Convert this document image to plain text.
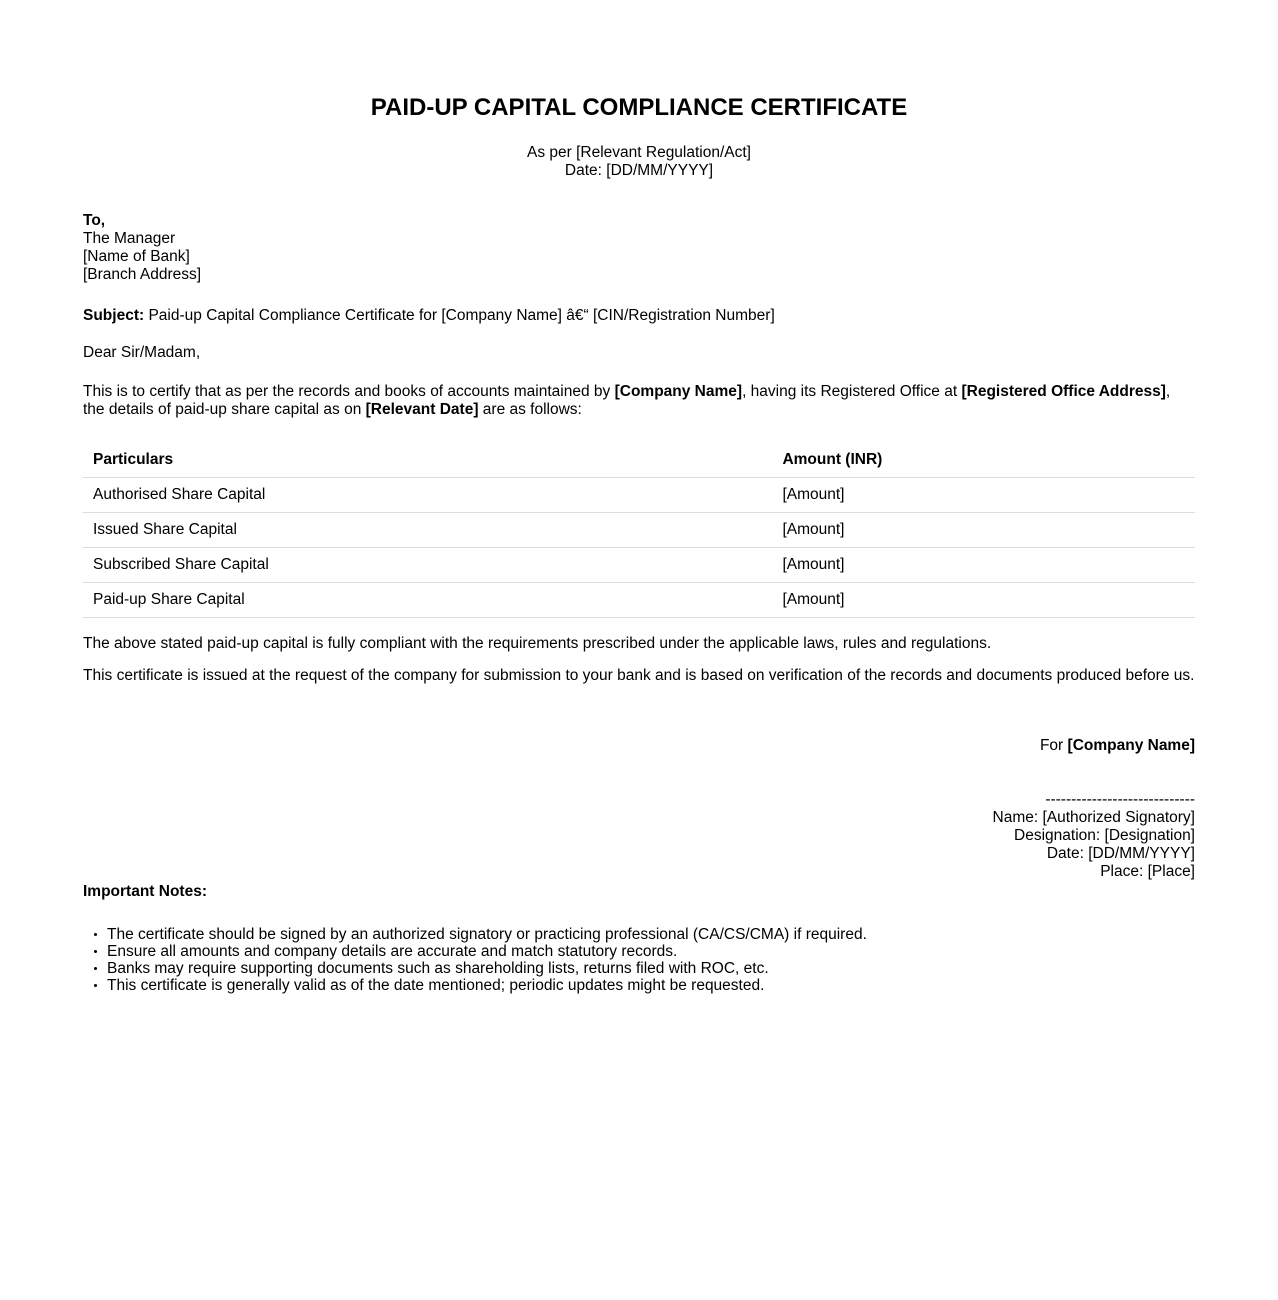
PAID-UP CAPITAL COMPLIANCE CERTIFICATE
As per [Relevant Regulation/Act]
Date: [DD/MM/YYYY]
To,
The Manager
[Name of Bank]
[Branch Address]
Subject: Paid-up Capital Compliance Certificate for [Company Name] â€“ [CIN/Registration Number]
Dear Sir/Madam,
This is to certify that as per the records and books of accounts maintained by [Company Name], having its Registered Office at [Registered Office Address], the details of paid-up share capital as on [Relevant Date] are as follows:
Particulars	Amount (INR)
Authorised Share Capital	[Amount]
Issued Share Capital	[Amount]
Subscribed Share Capital	[Amount]
Paid-up Share Capital	[Amount]
The above stated paid-up capital is fully compliant with the requirements prescribed under the applicable laws, rules and regulations.
This certificate is issued at the request of the company for submission to your bank and is based on verification of the records and documents produced before us.
For [Company Name]
-----------------------------
Name: [Authorized Signatory]
Designation: [Designation]
Date: [DD/MM/YYYY]
Place: [Place]
Important Notes:
The certificate should be signed by an authorized signatory or practicing professional (CA/CS/CMA) if required.
Ensure all amounts and company details are accurate and match statutory records.
Banks may require supporting documents such as shareholding lists, returns filed with ROC, etc.
This certificate is generally valid as of the date mentioned; periodic updates might be requested.
